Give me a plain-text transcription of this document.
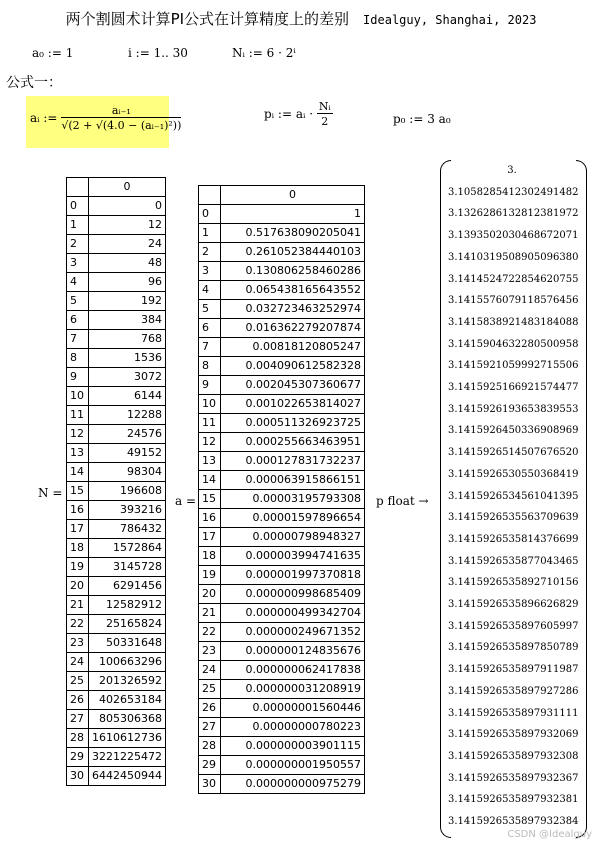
两个割圆术计算PI公式在计算精度上的差别 Idealguy, Shanghai, 2023
a₀ := 1	i := 1.. 30	Nᵢ := 6 · 2ⁱ
公式一：
aᵢ := $\frac{\text{aᵢ₋₁}}{\text{√(2 + √(4.0 − (aᵢ₋₁)²))}}$	pᵢ := aᵢ · $\frac{\text{Nᵢ}}{2}$	p₀ := 3 a₀
N =
	0
0	0
1	12
2	24
3	48
4	96
5	192
6	384
7	768
8	1536
9	3072
10	6144
11	12288
12	24576
13	49152
14	98304
15	196608
16	393216
17	786432
18	1572864
19	3145728
20	6291456
21	12582912
22	25165824
23	50331648
24	100663296
25	201326592
26	402653184
27	805306368
28	1610612736
29	3221225472
30	6442450944
a =
	0
0	1
1	0.517638090205041
2	0.261052384440103
3	0.130806258460286
4	0.065438165643552
5	0.032723463252974
6	0.016362279207874
7	0.00818120805247
8	0.004090612582328
9	0.002045307360677
10	0.001022653814027
11	0.000511326923725
12	0.000255663463951
13	0.000127831732237
14	0.000063915866151
15	0.00003195793308
16	0.00001597896654
17	0.00000798948327
18	0.000003994741635
19	0.000001997370818
20	0.000000998685409
21	0.000000499342704
22	0.000000249671352
23	0.000000124835676
24	0.000000062417838
25	0.000000031208919
26	0.00000001560446
27	0.00000000780223
28	0.000000003901115
29	0.000000001950557
30	0.000000000975279
p float →
3.
3.1058285412302491482
3.1326286132812381972
3.1393502030468672071
3.1410319508905096380
3.1414524722854620755
3.1415576079118576456
3.1415838921483184088
3.1415904632280500958
3.1415921059992715506
3.1415925166921574477
3.1415926193653839553
3.1415926450336908969
3.1415926514507676520
3.1415926530550368419
3.1415926534561041395
3.1415926535563709639
3.1415926535814376699
3.1415926535877043465
3.1415926535892710156
3.1415926535896626829
3.1415926535897605997
3.1415926535897850789
3.1415926535897911987
3.1415926535897927286
3.1415926535897931111
3.1415926535897932069
3.1415926535897932308
3.1415926535897932367
3.1415926535897932381
3.1415926535897932384
CSDN @Idealguy
